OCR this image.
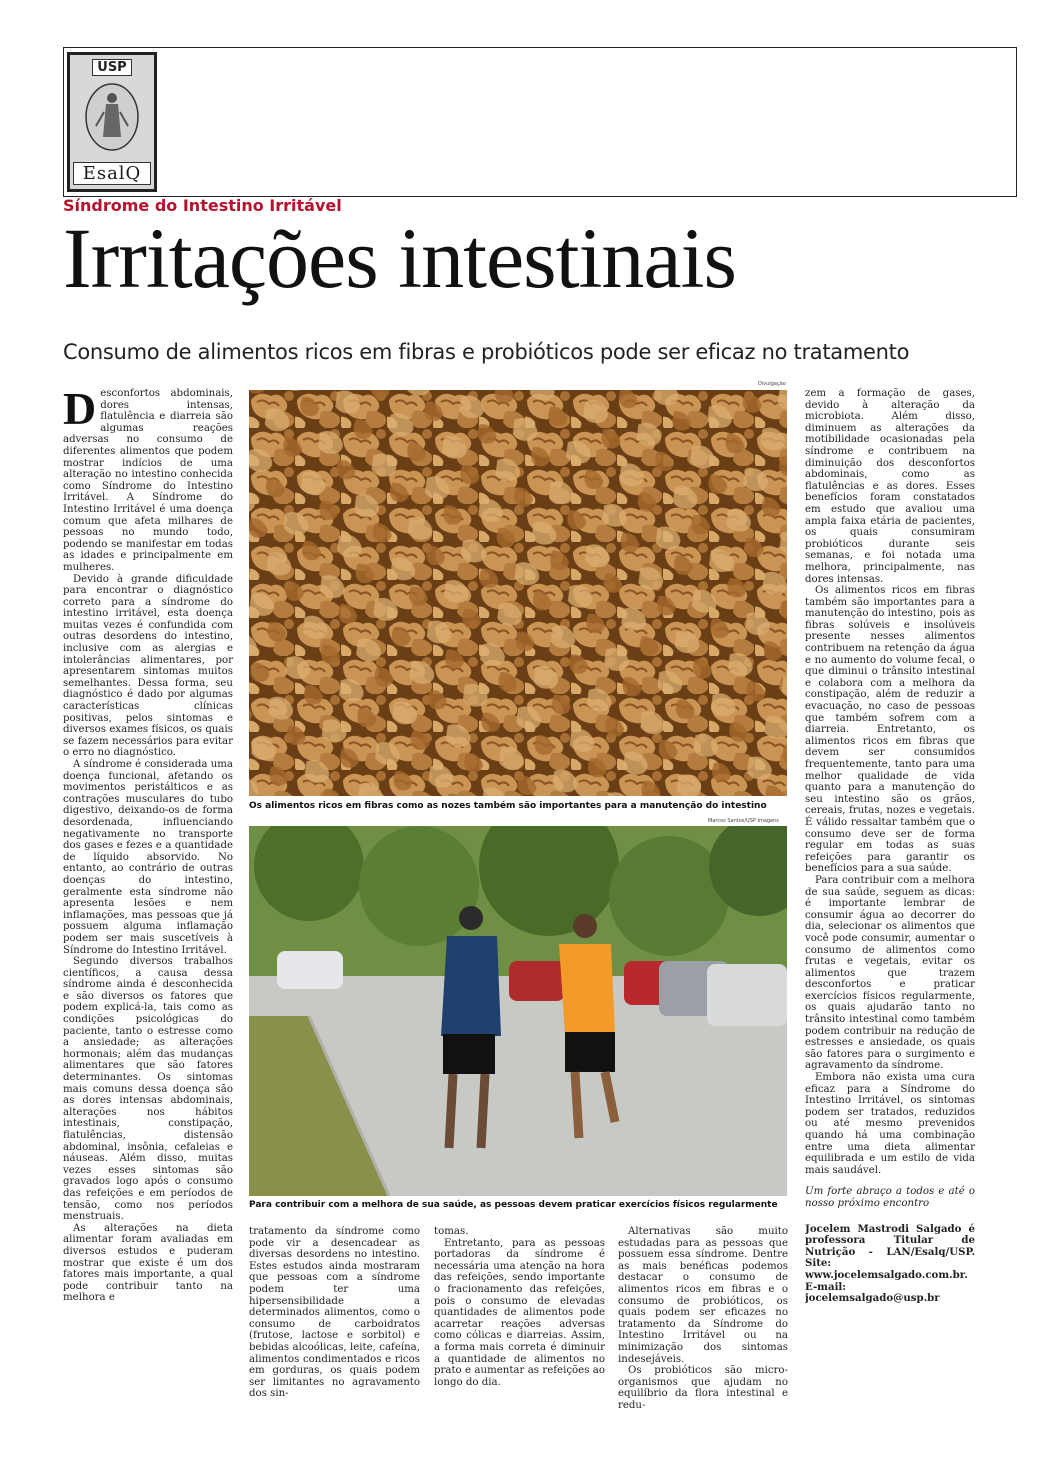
USP
EsalQ
Síndrome do Intestino Irritável
Irritações intestinais
Consumo de alimentos ricos em fibras e probióticos pode ser eficaz no tratamento

Desconfortos abdominais, dores intensas, flatulência e diarreia são algumas reações adversas no consumo de diferentes alimentos que podem mostrar indícios de uma alteração no intestino conhecida como Síndrome do Intestino Irritável. A Síndrome do Intestino Irritável é uma doença comum que afeta milhares de pessoas no mundo todo, podendo se manifestar em todas as idades e principalmente em mulheres.

Devido à grande dificuldade para encontrar o diagnóstico correto para a síndrome do intestino irritável, esta doença muitas vezes é confundida com outras desordens do intestino, inclusive com as alergias e intolerâncias alimentares, por apresentarem sintomas muitos semelhantes. Dessa forma, seu diagnóstico é dado por algumas características clínicas positivas, pelos sintomas e diversos exames físicos, os quais se fazem necessários para evitar o erro no diagnóstico.

A síndrome é considerada uma doença funcional, afetando os movimentos peristálticos e as contrações musculares do tubo digestivo, deixando-os de forma desordenada, influenciando negativamente no transporte dos gases e fezes e a quantidade de líquido absorvido. No entanto, ao contrário de outras doenças do intestino, geralmente esta síndrome não apresenta lesões e nem inflamações, mas pessoas que já possuem alguma inflamação podem ser mais suscetíveis à Síndrome do Intestino Irritável.

Segundo diversos trabalhos científicos, a causa dessa síndrome ainda é desconhecida e são diversos os fatores que podem explicá-la, tais como as condições psicológicas do paciente, tanto o estresse como a ansiedade; as alterações hormonais; além das mudanças alimentares que são fatores determinantes. Os sintomas mais comuns dessa doença são as dores intensas abdominais, alterações nos hábitos intestinais, constipação, flatulências, distensão abdominal, insônia, cefaleias e náuseas. Além disso, muitas vezes esses sintomas são gravados logo após o consumo das refeições e em períodos de tensão, como nos períodos menstruais.

As alterações na dieta alimentar foram avaliadas em diversos estudos e puderam mostrar que existe é um dos fatores mais importante, a qual pode contribuir tanto na melhora e

Divulgação
Os alimentos ricos em fibras como as nozes também são importantes para a manutenção do intestino
Marcos Santos/USP Imagens
Para contribuir com a melhora de sua saúde, as pessoas devem praticar exercícios físicos regularmente

tratamento da síndrome como pode vir a desencadear as diversas desordens no intestino. Estes estudos ainda mostraram que pessoas com a síndrome podem ter uma hipersensibilidade a determinados alimentos, como o consumo de carboidratos (frutose, lactose e sorbitol) e bebidas alcoólicas, leite, cafeína, alimentos condimentados e ricos em gorduras, os quais podem ser limitantes no agravamento dos sin-

tomas.

Entretanto, para as pessoas portadoras da síndrome é necessária uma atenção na hora das refeições, sendo importante o fracionamento das refeições, pois o consumo de elevadas quantidades de alimentos pode acarretar reações adversas como cólicas e diarreias. Assim, a forma mais correta é diminuir a quantidade de alimentos no prato e aumentar as refeições ao longo do dia.

Alternativas são muito estudadas para as pessoas que possuem essa síndrome. Dentre as mais benéficas podemos destacar o consumo de alimentos ricos em fibras e o consumo de probióticos, os quais podem ser eficazes no tratamento da Síndrome do Intestino Irritável ou na minimização dos sintomas indesejáveis.

Os probióticos são micro-organismos que ajudam no equilíbrio da flora intestinal e redu-

zem a formação de gases, devido à alteração da microbiota. Além disso, diminuem as alterações da motibilidade ocasionadas pela síndrome e contribuem na diminuição dos desconfortos abdominais, como as flatulências e as dores. Esses benefícios foram constatados em estudo que avaliou uma ampla faixa etária de pacientes, os quais consumiram probióticos durante seis semanas, e foi notada uma melhora, principalmente, nas dores intensas.

Os alimentos ricos em fibras também são importantes para a manutenção do intestino, pois as fibras solúveis e insolúveis presente nesses alimentos contribuem na retenção da água e no aumento do volume fecal, o que diminui o trânsito intestinal e colabora com a melhora da constipação, além de reduzir a evacuação, no caso de pessoas que também sofrem com a diarreia. Entretanto, os alimentos ricos em fibras que devem ser consumidos frequentemente, tanto para uma melhor qualidade de vida quanto para a manutenção do seu intestino são os grãos, cereais, frutas, nozes e vegetais. É válido ressaltar também que o consumo deve ser de forma regular em todas as suas refeições para garantir os benefícios para a sua saúde.

Para contribuir com a melhora de sua saúde, seguem as dicas: é importante lembrar de consumir água ao decorrer do dia, selecionar os alimentos que você pode consumir, aumentar o consumo de alimentos como frutas e vegetais, evitar os alimentos que trazem desconfortos e praticar exercícios físicos regularmente, os quais ajudarão tanto no trânsito intestinal como também podem contribuir na redução de estresses e ansiedade, os quais são fatores para o surgimento e agravamento da síndrome.

Embora não exista uma cura eficaz para a Síndrome do Intestino Irritável, os sintomas podem ser tratados, reduzidos ou até mesmo prevenidos quando há uma combinação entre uma dieta alimentar equilibrada e um estilo de vida mais saudável.

Um forte abraço a todos e até o nosso próximo encontro

Jocelem Mastrodi Salgado é professora Titular de Nutrição - LAN/Esalq/USP. Site: www.jocelemsalgado.com.br. E-mail: jocelemsalgado@usp.br
